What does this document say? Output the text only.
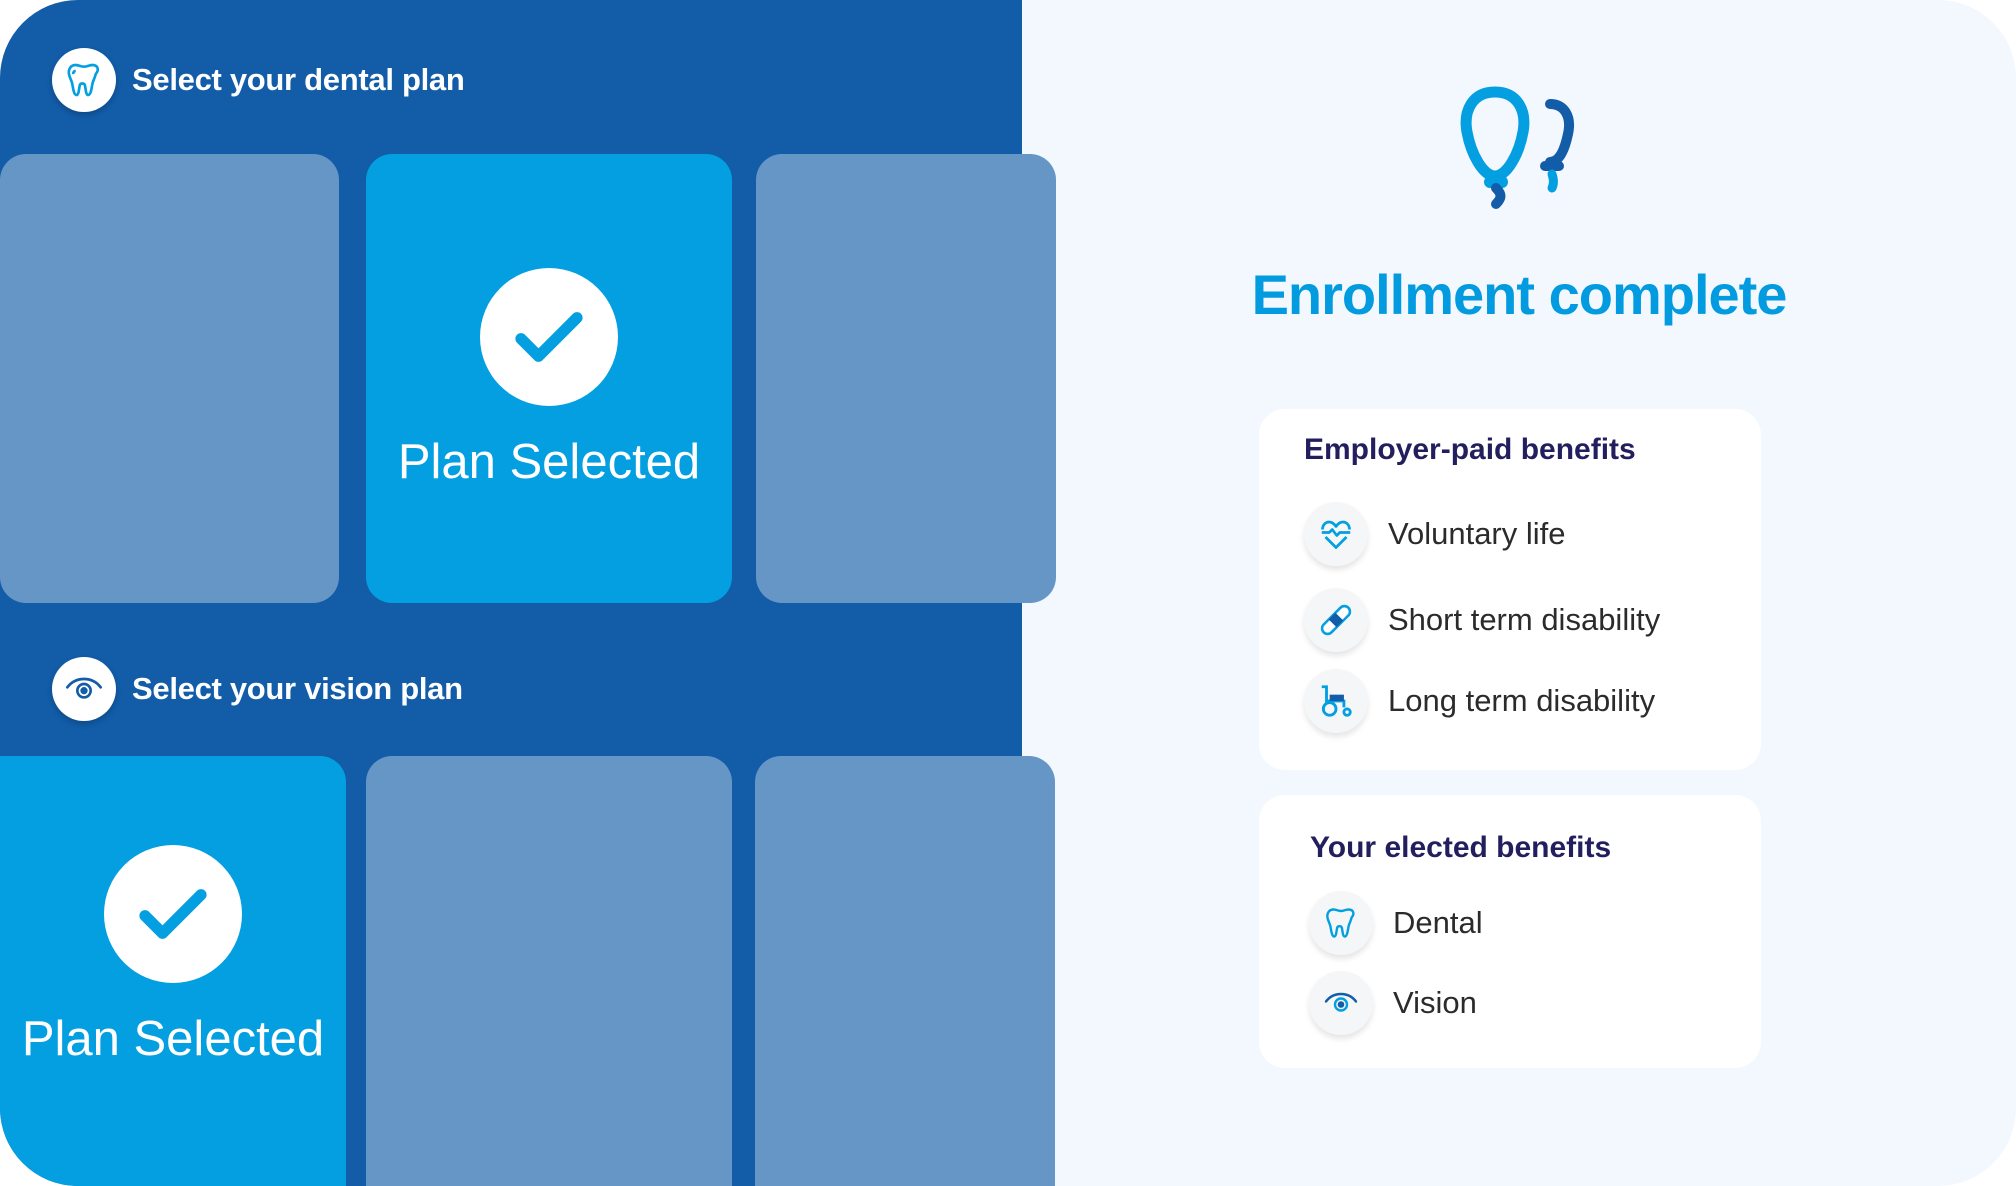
Select your dental plan
Plan Selected
Select your vision plan
Plan Selected
Enrollment complete
Employer-paid benefits
Voluntary life
Short term disability
Long term disability
Your elected benefits
Dental
Vision
